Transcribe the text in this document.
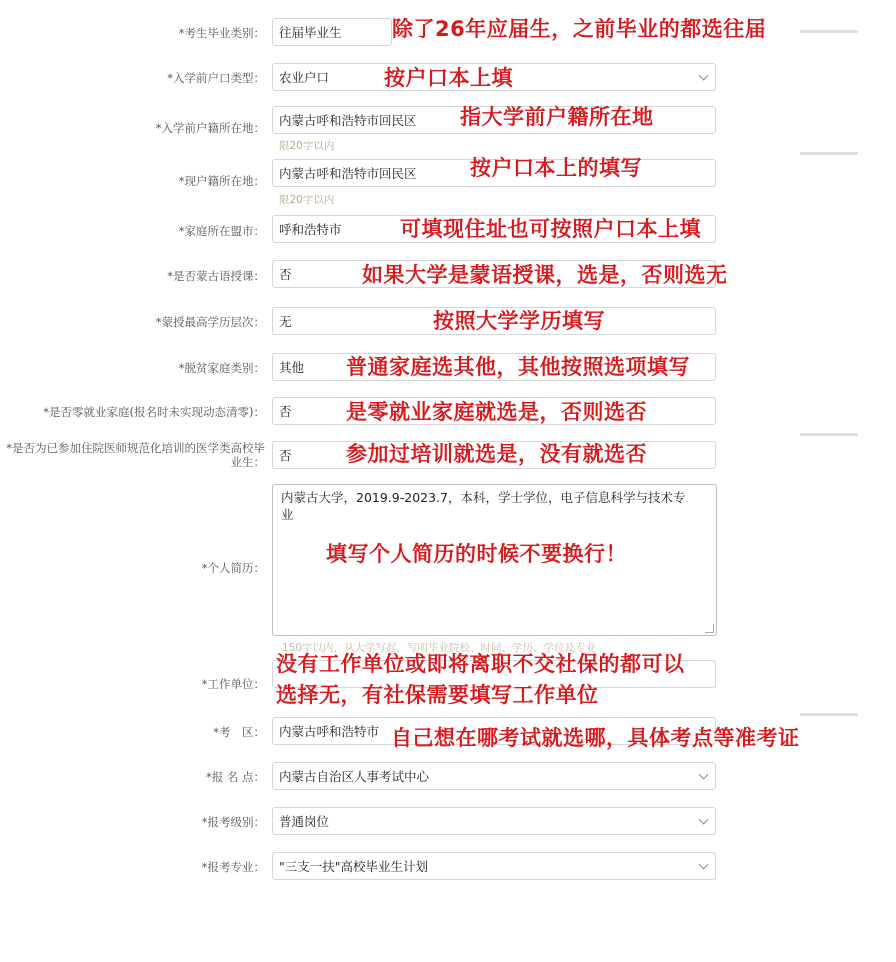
*考生毕业类别： 往届毕业生 除了26年应届生，之前毕业的都选往届
*入学前户口类型： 农业户口	按户口本上填
*入学前户籍所在地： 内蒙古呼和浩特市回民区
限20字以内
指大学前户籍所在地
*现户籍所在地： 内蒙古呼和浩特市回民区
限20字以内
按户口本上的填写
*家庭所在盟市： 呼和浩特市	可填现住址也可按照户口本上填
*是否蒙古语授课： 否	如果大学是蒙语授课，选是，否则选无
*蒙授最高学历层次： 无	按照大学学历填写
*脱贫家庭类别： 其他 普通家庭选其他，其他按照选项填写
*是否零就业家庭(报名时未实现动态清零)： 否	是零就业家庭就选是，否则选否
*是否为已参加住院医师规范化培训的医学类高校毕业生： 否	参加过培训就选是，没有就选否
*个人简历：
内蒙古大学，2019.9-2023.7，本科，学士学位，电子信息科学与技术专业
填写个人简历的时候不要换行！
150字以内，从大学写起，写明毕业院校、时间、学历、学位及专业
*工作单位：
没有工作单位或即将离职不交社保的都可以
选择无，有社保需要填写工作单位
*考　区： 内蒙古呼和浩特市 自己想在哪考试就选哪，具体考点等准考证
*报 名 点： 内蒙古自治区人事考试中心
*报考级别： 普通岗位
*报考专业： "三支一扶"高校毕业生计划
